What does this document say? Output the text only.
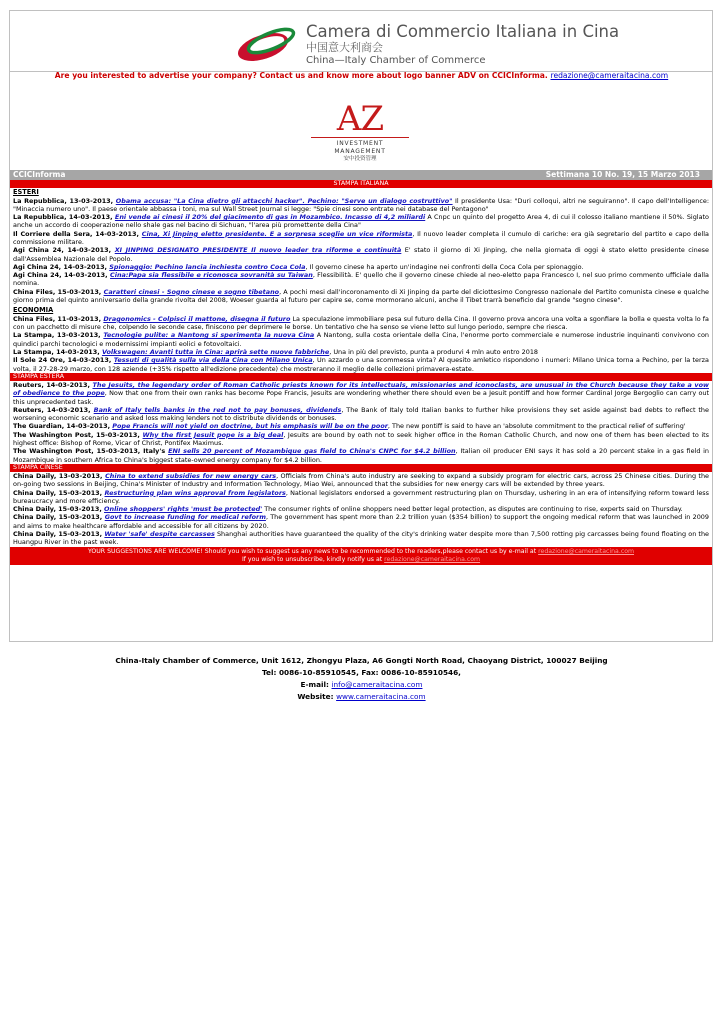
Camera di Commercio Italiana in Cina
中国意大利商会
China—Italy Chamber of Commerce
Are you interested to advertise your company? Contact us and know more about logo banner ADV on CCICInforma. redazione@cameraitacina.com
AZ
INVESTMENT MANAGEMENT
安中投资管理
CCICInforma	Settimana 10 No. 19, 15 Marzo 2013
STAMPA ITALIANA
ESTERI
La Repubblica, 13-03-2013, Obama accusa: "La Cina dietro gli attacchi hacker". Pechino: "Serve un dialogo costruttivo" Il presidente Usa: "Duri colloqui, altri ne seguiranno". Il capo dell'Intelligence: "Minaccia numero uno". Il paese orientale abbassa i toni, ma sul Wall Street Journal si legge: "Spie cinesi sono entrate nei database del Pentagono"
La Repubblica, 14-03-2013, Eni vende ai cinesi il 20% del giacimento di gas in Mozambico. Incasso di 4,2 miliardi A Cnpc un quinto del progetto Area 4, di cui il colosso italiano mantiene il 50%. Siglato anche un accordo di cooperazione nello shale gas nel bacino di Sichuan, "l'area più promettente della Cina"
Il Corriere della Sera, 14-03-2013, Cina, Xi Jinping eletto presidente. E a sorpresa sceglie un vice riformista, Il nuovo leader completa il cumulo di cariche: era già segretario del partito e capo della commissione militare.
Agi China 24, 14-03-2013, XI JINPING DESIGNATO PRESIDENTE Il nuovo leader tra riforme e continuità E' stato il giorno di Xi Jinping, che nella giornata di oggi è stato eletto presidente cinese dall'Assemblea Nazionale del Popolo.
Agi China 24, 14-03-2013, Spionaggio: Pechino lancia inchiesta contro Coca Cola, Il governo cinese ha aperto un'indagine nei confronti della Coca Cola per spionaggio.
Agi China 24, 14-03-2013, Cina:Papa sia flessibile e riconosca sovranità su Taiwan, Flessibilità. E' quello che il governo cinese chiede al neo-eletto papa Francesco I, nel suo primo commento ufficiale dalla nomina.
China Files, 15-03-2013, Caratteri cinesi - Sogno cinese e sogno tibetano, A pochi mesi dall'incoronamento di Xi Jinping da parte del diciottesimo Congresso nazionale del Partito comunista cinese e qualche giorno prima del quinto anniversario della grande rivolta del 2008, Woeser guarda al futuro per capire se, come mormorano alcuni, anche il Tibet trarrà beneficio dal grande "sogno cinese".
ECONOMIA
China Files, 11-03-2013, Dragonomics - Colpisci il mattone, disegna il futuro La speculazione immobiliare pesa sul futuro della Cina. Il governo prova ancora una volta a sgonfiare la bolla e questa volta lo fa con un pacchetto di misure che, colpendo le seconde case, finiscono per deprimere le borse. Un tentativo che ha senso se viene letto sul lungo periodo, sempre che riesca.
La Stampa, 13-03-2013, Tecnologie pulite: a Nantong si sperimenta la nuova Cina A Nantong, sulla costa orientale della Cina, l'enorme porto commerciale e numerose industrie inquinanti convivono con quindici parchi tecnologici e modernissimi impianti eolici e fotovoltaici.
La Stampa, 14-03-2013, Volkswagen: Avanti tutta in Cina: aprirà sette nuove fabbriche, Una in più del previsto, punta a produrvi 4 mln auto entro 2018
Il Sole 24 Ore, 14-03-2013, Tessuti di qualità sulla via della Cina con Milano Unica, Un azzardo o una scommessa vinta? Al quesito amletico rispondono i numeri: Milano Unica torna a Pechino, per la terza volta, il 27-28-29 marzo, con 128 aziende (+35% rispetto all'edizione precedente) che mostreranno il meglio delle collezioni primavera-estate.
STAMPA ESTERA
Reuters, 14-03-2013, The Jesuits, the legendary order of Roman Catholic priests known for its intellectuals, missionaries and iconoclasts, are unusual in the Church because they take a vow of obedience to the pope, Now that one from their own ranks has become Pope Francis, Jesuits are wondering whether there should even be a Jesuit pontiff and how former Cardinal Jorge Bergoglio can carry out this unprecedented task.
Reuters, 14-03-2013, Bank of Italy tells banks in the red not to pay bonuses, dividends, The Bank of Italy told Italian banks to further hike provisions they set aside against bad debts to reflect the worsening economic scenario and asked loss making lenders not to distribute dividends or bonuses.
The Guardian, 14-03-2013, Pope Francis will not yield on doctrine, but his emphasis will be on the poor, The new pontiff is said to have an 'absolute commitment to the practical relief of suffering'
The Washington Post, 15-03-2013, Why the first Jesuit pope is a big deal, Jesuits are bound by oath not to seek higher office in the Roman Catholic Church, and now one of them has been elected to its highest office: Bishop of Rome, Vicar of Christ, Pontifex Maximus.
The Washington Post, 15-03-2013, Italy's ENI sells 20 percent of Mozambique gas field to China's CNPC for $4.2 billion, Italian oil producer ENI says it has sold a 20 percent stake in a gas field in Mozambique in southern Africa to China's biggest state-owned energy company for $4.2 billion.
STAMPA CINESE
China Daily, 13-03-2013, China to extend subsidies for new energy cars, Officials from China's auto industry are seeking to expand a subsidy program for electric cars, across 25 Chinese cities. During the on-going two sessions in Beijing, China's Minister of Industry and Information Technology, Miao Wei, announced that the subsidies for new energy cars will be extended by three years.
China Daily, 15-03-2013, Restructuring plan wins approval from legislators, National legislators endorsed a government restructuring plan on Thursday, ushering in an era of intensifying reform toward less bureaucracy and more efficiency.
China Daily, 15-03-2013, Online shoppers' rights 'must be protected' The consumer rights of online shoppers need better legal protection, as disputes are continuing to rise, experts said on Thursday.
China Daily, 15-03-2013, Govt to increase funding for medical reform, The government has spent more than 2.2 trillion yuan ($354 billion) to support the ongoing medical reform that was launched in 2009 and aims to make healthcare affordable and accessible for all citizens by 2020.
China Daily, 15-03-2013, Water 'safe' despite carcasses Shanghai authorities have guaranteed the quality of the city's drinking water despite more than 7,500 rotting pig carcasses being found floating on the Huangpu River in the past week.
YOUR SUGGESTIONS ARE WELCOME! Should you wish to suggest us any news to be recommended to the readers,please contact us by e-mail at redazione@cameraitacina.com
If you wish to unsubscribe, kindly notify us at redazione@cameraitacina.com
China-Italy Chamber of Commerce, Unit 1612, Zhongyu Plaza, A6 Gongti North Road, Chaoyang District, 100027 Beijing
Tel: 0086-10-85910545, Fax: 0086-10-85910546,
E-mail: info@cameraitacina.com
Website: www.cameraitacina.com
